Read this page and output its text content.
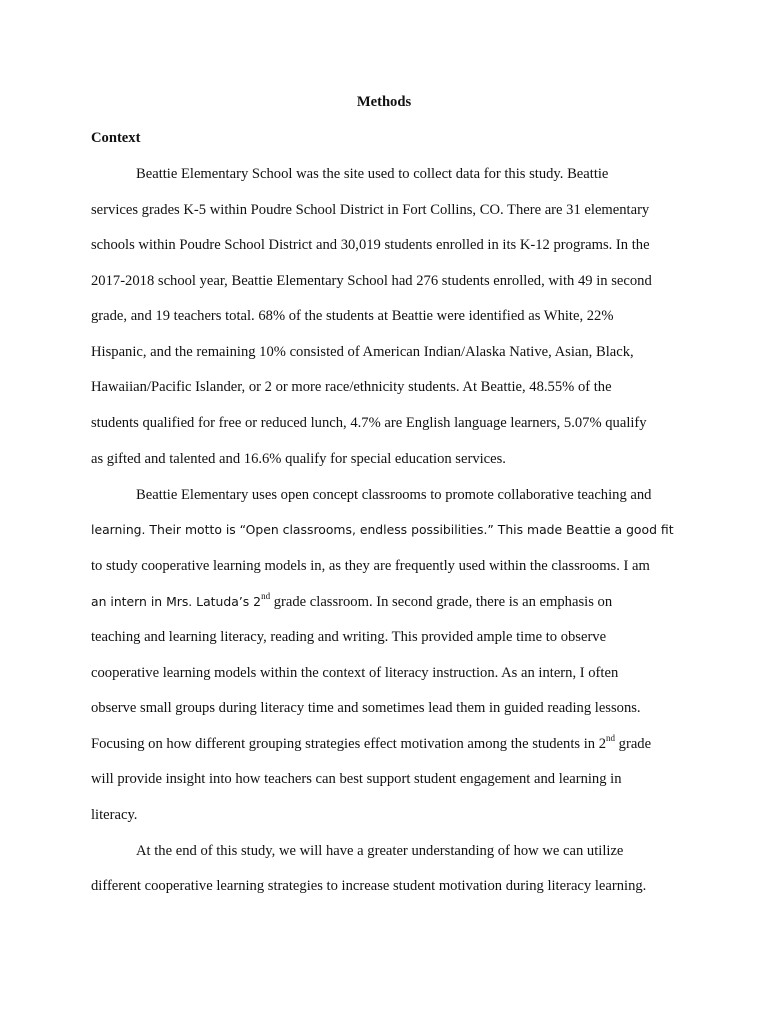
Methods
Context
Beattie Elementary School was the site used to collect data for this study. Beattie
services grades K-5 within Poudre School District in Fort Collins, CO. There are 31 elementary
schools within Poudre School District and 30,019 students enrolled in its K-12 programs. In the
2017-2018 school year, Beattie Elementary School had 276 students enrolled, with 49 in second
grade, and 19 teachers total. 68% of the students at Beattie were identified as White, 22%
Hispanic, and the remaining 10% consisted of American Indian/Alaska Native, Asian, Black,
Hawaiian/Pacific Islander, or 2 or more race/ethnicity students. At Beattie, 48.55% of the
students qualified for free or reduced lunch, 4.7% are English language learners, 5.07% qualify
as gifted and talented and 16.6% qualify for special education services.
Beattie Elementary uses open concept classrooms to promote collaborative teaching and
learning. Their motto is “Open classrooms, endless possibilities.” This made Beattie a good fit
to study cooperative learning models in, as they are frequently used within the classrooms. I am
an intern in Mrs. Latuda’s 2nd grade classroom. In second grade, there is an emphasis on
teaching and learning literacy, reading and writing. This provided ample time to observe
cooperative learning models within the context of literacy instruction. As an intern, I often
observe small groups during literacy time and sometimes lead them in guided reading lessons.
Focusing on how different grouping strategies effect motivation among the students in 2nd grade
will provide insight into how teachers can best support student engagement and learning in
literacy.
At the end of this study, we will have a greater understanding of how we can utilize
different cooperative learning strategies to increase student motivation during literacy learning.
